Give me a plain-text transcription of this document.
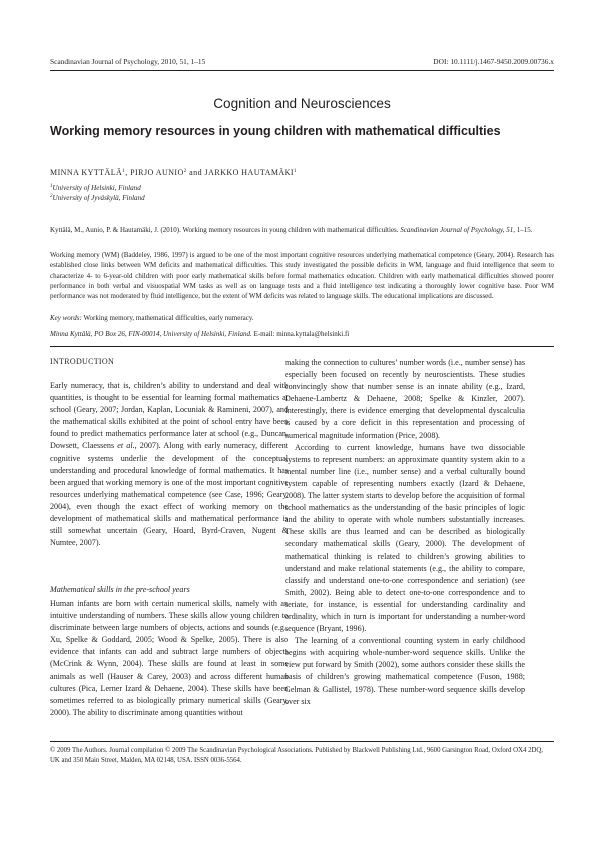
Scandinavian Journal of Psychology, 2010, 51, 1–15	DOI: 10.1111/j.1467-9450.2009.00736.x
Cognition and Neurosciences
Working memory resources in young children with mathematical difficulties
MINNA KYTTÄLÄ$^1$, PIRJO AUNIO$^2$ and JARKKO HAUTAMÄKI$^1$
$^1$University of Helsinki, Finland
$^2$University of Jyväskylä, Finland
Kyttälä, M., Aunio, P. & Hautamäki, J. (2010). Working memory resources in young children with mathematical difficulties. Scandinavian Journal of Psychology, 51, 1–15.
Working memory (WM) (Baddeley, 1986, 1997) is argued to be one of the most important cognitive resources underlying mathematical competence (Geary, 2004). Research has established close links between WM deficits and mathematical difficulties. This study investigated the possible deficits in WM, language and fluid intelligence that seem to characterize 4- to 6-year-old children with poor early mathematical skills before formal mathematics education. Children with early mathematical difficulties showed poorer performance in both verbal and visuospatial WM tasks as well as on language tests and a fluid intelligence test indicating a thoroughly lower cognitive base. Poor WM performance was not moderated by fluid intelligence, but the extent of WM deficits was related to language skills. The educational implications are discussed.
Key words: Working memory, mathematical difficulties, early numeracy.
Minna Kyttälä, PO Box 26, FIN-00014, University of Helsinki, Finland. E-mail: minna.kyttala@helsinki.fi
INTRODUCTION

Early numeracy, that is, children’s ability to understand and deal with quantities, is thought to be essential for learning formal mathematics at school (Geary, 2007; Jordan, Kaplan, Locuniak & Ramineni, 2007), and the mathematical skills exhibited at the point of school entry have been found to predict mathematics performance later at school (e.g., Duncan, Dowsett, Claessens et al., 2007). Along with early numeracy, different cognitive systems underlie the development of the conceptual understanding and procedural knowledge of formal mathematics. It has been argued that working memory is one of the most important cognitive resources underlying mathematical competence (see Case, 1996; Geary, 2004), even though the exact effect of working memory on the development of mathematical skills and mathematical performance is still somewhat uncertain (Geary, Hoard, Byrd-Craven, Nugent & Numtee, 2007).

Mathematical skills in the pre-school years

Human infants are born with certain numerical skills, namely with an intuitive understanding of numbers. These skills allow young children to discriminate between large numbers of objects, actions and sounds (e.g., Xu, Spelke & Goddard, 2005; Wood & Spelke, 2005). There is also evidence that infants can add and subtract large numbers of objects (McCrink & Wynn, 2004). These skills are found at least in some animals as well (Hauser & Carey, 2003) and across different human cultures (Pica, Lerner Izard & Dehaene, 2004). These skills have been sometimes referred to as biologically primary numerical skills (Geary, 2000). The ability to discriminate among quantities without

making the connection to cultures’ number words (i.e., number sense) has especially been focused on recently by neuroscientists. These studies convincingly show that number sense is an innate ability (e.g., Izard, Dehaene-Lambertz & Dehaene, 2008; Spelke & Kinzler, 2007). Interestingly, there is evidence emerging that developmental dyscalculia is caused by a core deficit in this representation and processing of numerical magnitude information (Price, 2008).

According to current knowledge, humans have two dissociable systems to represent numbers: an approximate quantity system akin to a mental number line (i.e., number sense) and a verbal culturally bound system capable of representing numbers exactly (Izard & Dehaene, 2008). The latter system starts to develop before the acquisition of formal school mathematics as the understanding of the basic principles of logic and the ability to operate with whole numbers substantially increases. These skills are thus learned and can be described as biologically secondary mathematical skills (Geary, 2000). The development of mathematical thinking is related to children’s growing abilities to understand and make relational statements (e.g., the ability to compare, classify and understand one-to-one correspondence and seriation) (see Smith, 2002). Being able to detect one-to-one correspondence and to seriate, for instance, is essential for understanding cardinality and ordinality, which in turn is important for understanding a number-word sequence (Bryant, 1996).

The learning of a conventional counting system in early childhood begins with acquiring whole-number-word sequence skills. Unlike the view put forward by Smith (2002), some authors consider these skills the basis of children’s growing mathematical competence (Fuson, 1988; Gelman & Gallistel, 1978). These number-word sequence skills develop over six

© 2009 The Authors. Journal compilation © 2009 The Scandinavian Psychological Associations. Published by Blackwell Publishing Ltd., 9600 Garsington Road, Oxford OX4 2DQ, UK and 350 Main Street, Malden, MA 02148, USA. ISSN 0036-5564.
